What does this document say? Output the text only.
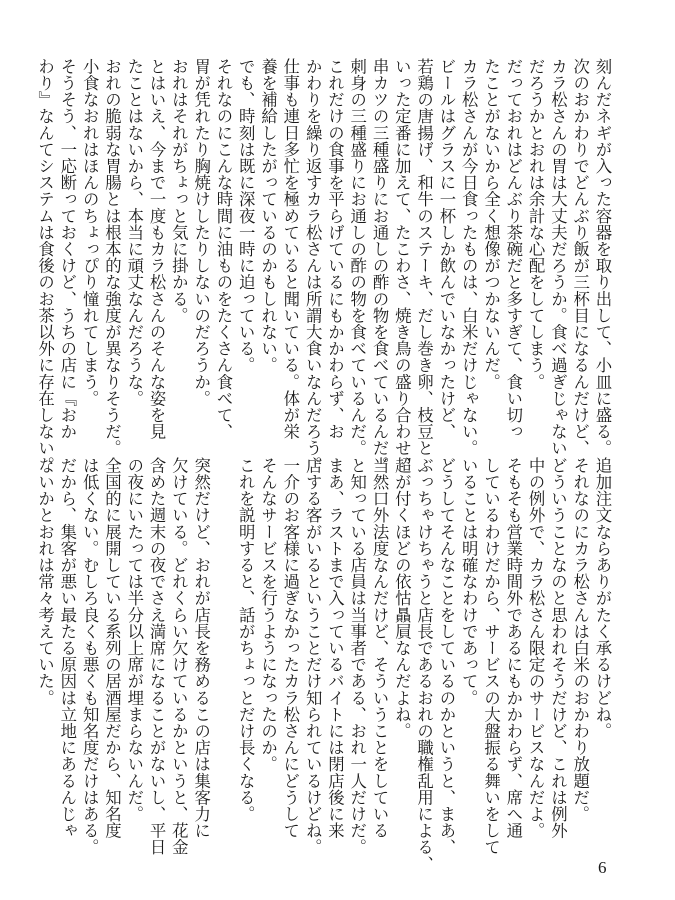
刻んだネギが入った容器を取り出して、小皿に盛る。
次のおかわりでどんぶり飯が三杯目になるんだけど、
カラ松さんの胃は大丈夫だろうか。食べ過ぎじゃない
だろうかとおれは余計な心配をしてしまう。
だっておれはどんぶり茶碗だと多すぎて、食い切っ
たことがないから全く想像がつかないんだ。
カラ松さんが今日食ったものは、白米だけじゃない。
ビールはグラスに一杯しか飲んでいなかったけど、
若鶏の唐揚げ、和牛のステーキ、だし巻き卵、枝豆と
いった定番に加えて、たこわさ、焼き鳥の盛り合わせ、
串カツの三種盛りにお通しの酢の物を食べているんだ。
刺身の三種盛りにお通しの酢の物を食べているんだ。
これだけの食事を平らげているにもかかわらず、お
かわりを繰り返すカラ松さんは所謂大食いなんだろう。
仕事も連日多忙を極めていると聞いている。体が栄
養を補給したがっているのかもしれない。
でも、時刻は既に深夜一時に迫っている。
それなのにこんな時間に油ものをたくさん食べて、
胃が凭れたり胸焼けしたりしないのだろうか。
おれはそれがちょっと気に掛かる。
とはいえ、今まで一度もカラ松さんのそんな姿を見
たことはないから、本当に頑丈なんだろうな。
おれの脆弱な胃腸とは根本的な強度が異なりそうだ。
小食なおれはほんのちょっぴり憧れてしまう。
そうそう、一応断っておくけど、うちの店に『おか
わり』なんてシステムは食後のお茶以外に存在しない。
追加注文ならありがたく承るけどね。
それなのにカラ松さんは白米のおかわり放題だ。
どういうことなのと思われそうだけど、これは例外
中の例外で、カラ松さん限定のサービスなんだよ。
そもそも営業時間外であるにもかかわらず、席へ通
しているわけだから、サービスの大盤振る舞いをして
いることは明確なわけであって。
どうしてそんなことをしているのかというと、まあ、
ぶっちゃけちゃうと店長であるおれの職権乱用による、
超が付くほどの依怙贔屓なんだよね。
当然口外法度なんだけど、そういうことをしている
と知っている店員は当事者である、おれ一人だけだ。
まあ、ラストまで入っているバイトには閉店後に来
店する客がいるということだけ知られているけどね。
一介のお客様に過ぎなかったカラ松さんにどうして
そんなサービスを行うようになったのか。
これを説明すると、話がちょっとだけ長くなる。

突然だけど、おれが店長を務めるこの店は集客力に
欠けている。どれくらい欠けているかというと、花金
含めた週末の夜でさえ満席になることがないし、平日
の夜にいたっては半分以上席が埋まらないんだ。
全国的に展開している系列の居酒屋だから、知名度
は低くない。むしろ良くも悪くも知名度だけはある。
だから、集客が悪い最たる原因は立地にあるんじゃ
ないかとおれは常々考えていた。
6
